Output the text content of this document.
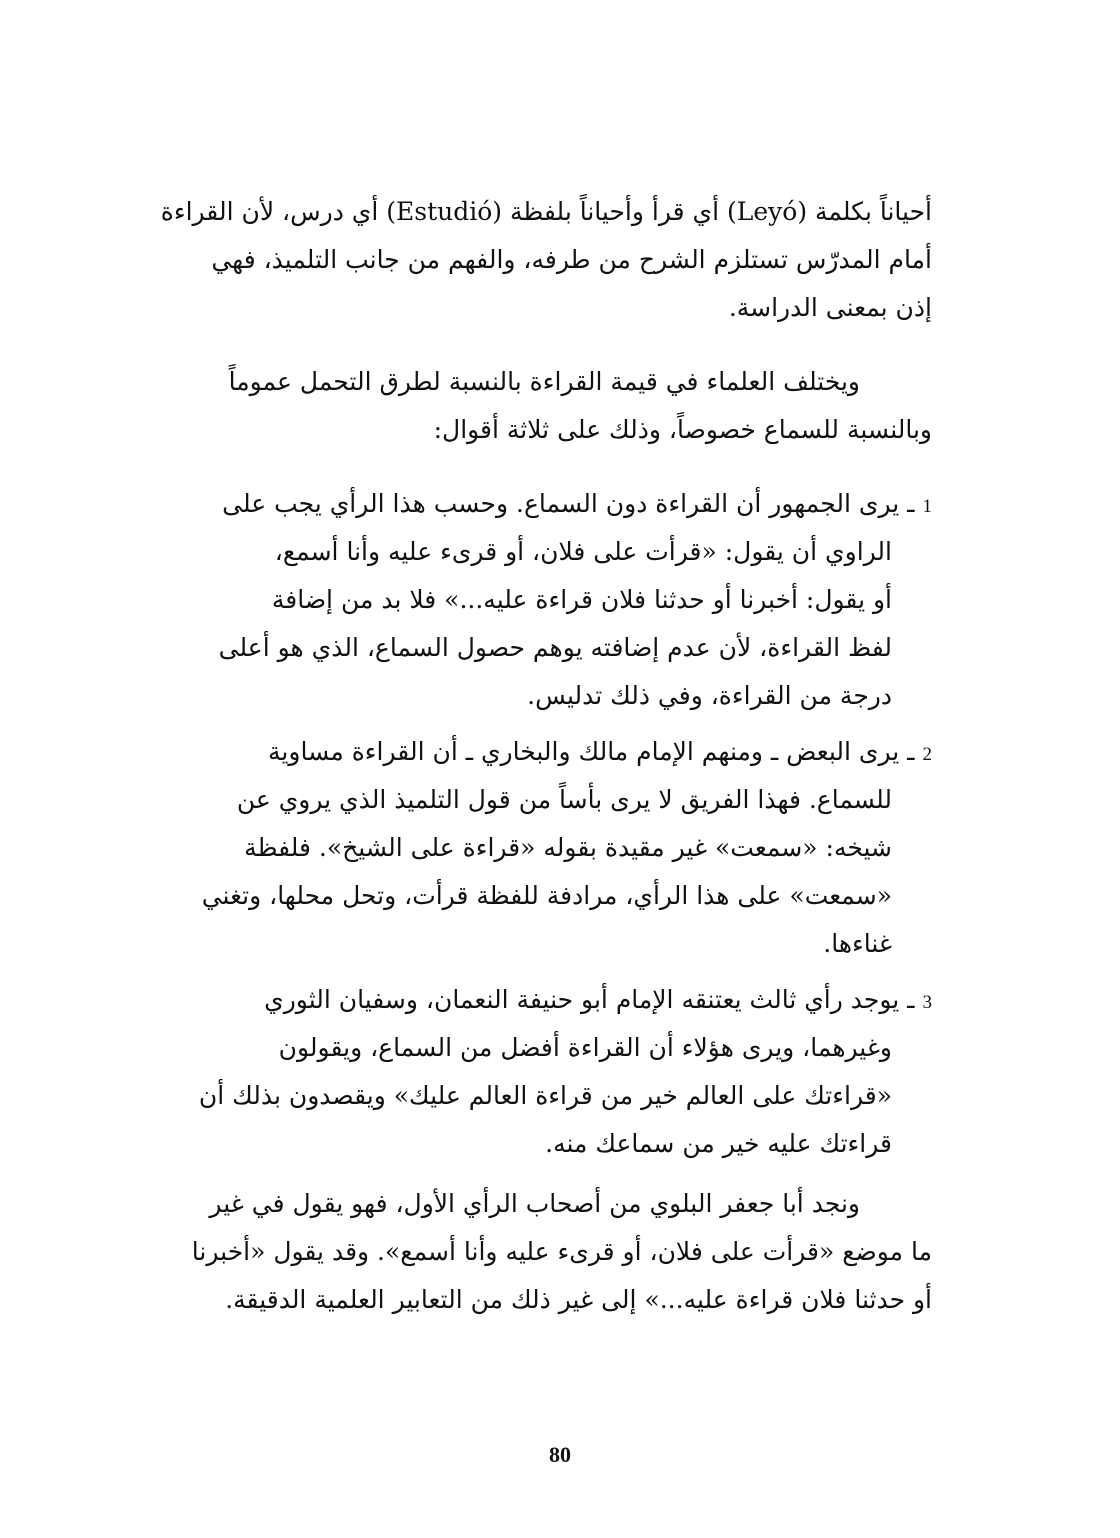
أحياناً بكلمة (Leyó) أي قرأ وأحياناً بلفظة (Estudió) أي درس، لأن القراءة
أمام المدرّس تستلزم الشرح من طرفه، والفهم من جانب التلميذ، فهي
إذن بمعنى الدراسة.
ويختلف العلماء في قيمة القراءة بالنسبة لطرق التحمل عموماً
وبالنسبة للسماع خصوصاً، وذلك على ثلاثة أقوال:
1ـ يرى الجمهور أن القراءة دون السماع. وحسب هذا الرأي يجب على
الراوي أن يقول: «قرأت على فلان، أو قرىء عليه وأنا أسمع،
أو يقول: أخبرنا أو حدثنا فلان قراءة عليه...» فلا بد من إضافة
لفظ القراءة، لأن عدم إضافته يوهم حصول السماع، الذي هو أعلى
درجة من القراءة، وفي ذلك تدليس.
2ـ يرى البعض ـ ومنهم الإمام مالك والبخاري ـ أن القراءة مساوية
للسماع. فهذا الفريق لا يرى بأساً من قول التلميذ الذي يروي عن
شيخه: «سمعت» غير مقيدة بقوله «قراءة على الشيخ». فلفظة
«سمعت» على هذا الرأي، مرادفة للفظة قرأت، وتحل محلها، وتغني
غناءها.
3ـ يوجد رأي ثالث يعتنقه الإمام أبو حنيفة النعمان، وسفيان الثوري
وغيرهما، ويرى هؤلاء أن القراءة أفضل من السماع، ويقولون
«قراءتك على العالم خير من قراءة العالم عليك» ويقصدون بذلك أن
قراءتك عليه خير من سماعك منه.
ونجد أبا جعفر البلوي من أصحاب الرأي الأول، فهو يقول في غير
ما موضع «قرأت على فلان، أو قرىء عليه وأنا أسمع». وقد يقول «أخبرنا
أو حدثنا فلان قراءة عليه...» إلى غير ذلك من التعابير العلمية الدقيقة.
80
